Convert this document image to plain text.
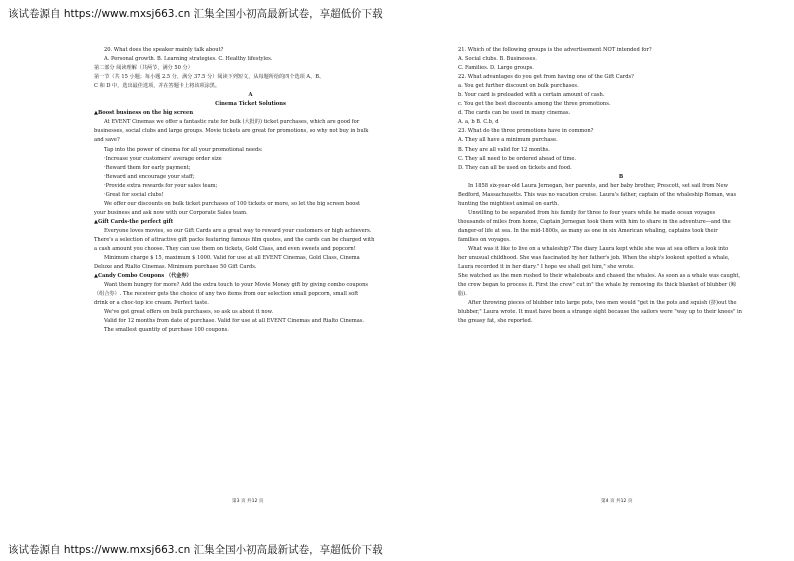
该试卷源自 https://www.mxsj663.cn 汇集全国小初高最新试卷，享超低价下载
20. What does the speaker mainly talk about?
A. Personal growth. B. Learning strategies. C. Healthy lifestyles.
第二部分 阅读理解（共两节，满分 50 分）
第一节（共 15 小题；每小题 2.5 分，满分 37.5 分）阅读下列短文，从每题所给的四个选项 A、B、
C 和 D 中，选出最佳选项，并在答题卡上将该项涂黑。
A
Cinema Ticket Solutions
▲Boost business on the big screen
At EVENT Cinemas we offer a fantastic rate for bulk (大批的) ticket purchases, which are good for
businesses, social clubs and large groups. Movie tickets are great for promotions, so why not buy in bulk
and save?
Tap into the power of cinema for all your promotional needs:
·Increase your customers' average order size
·Reward them for early payment;
·Reward and encourage your staff;
·Provide extra rewards for your sales team;
·Great for social clubs!
We offer our discounts on bulk ticket purchases of 100 tickets or more, so let the big screen boost
your business and ask now with our Corporate Sales team.
▲Gift Cards-the perfect gift
Everyone loves movies, so our Gift Cards are a great way to reward your customers or high achievers.
There's a selection of attractive gift packs featuring famous film quotes, and the cards can be charged with
a cash amount you choose. They can use them on tickets, Gold Class, and even sweets and popcorn!
Minimum charge $ 15, maximum $ 1000. Valid for use at all EVENT Cinemas, Gold Class, Cinema
Deluxe and Rialto Cinemas. Minimum purchase 50 Gift Cards.
▲Candy Combo Coupons （代金券）
Want them hungry for more? Add the extra touch to your Movie Money gift by giving combo coupons
（组合券）. The receiver gets the choice of any two items from our selection small popcorn, small soft
drink or a choc-top ice cream. Perfect taste.
We've got great offers on bulk purchases, so ask us about it now.
Valid for 12 months from date of purchase. Valid for use at all EVENT Cinemas and Rialto Cinemas.
The smallest quantity of purchase 100 coupons.
第3 页 共12 页
21. Which of the following groups is the advertisement NOT intended for?
A. Social clubs. B. Businesses.
C. Families. D. Large groups.
22. What advantages do you get from having one of the Gift Cards?
a. You get further discount on bulk purchases.
b. Your card is preloaded with a certain amount of cash.
c. You get the best discounts among the three promotions.
d. The cards can be used in many cinemas.
A. a, b B. C.b, d
23. What do the three promotions have in common?
A. They all have a minimum purchase.
B. They are all valid for 12 months.
C. They all need to be ordered ahead of time.
D. They can all be used on tickets and food.
B
In 1858 six-year-old Laura Jernegan, her parents, and her baby brother, Prescott, set sail from New
Bedford, Massachusetts. This was no vacation cruise. Laura's father, captain of the whaleship Roman, was
hunting the mightiest animal on earth.
Unwilling to be separated from his family for three to four years while he made ocean voyages
thousands of miles from home, Captain Jernegan took them with him to share in the adventure—and the
danger-of life at sea. In the mid-1800s, as many as one in six American whaling, captains took their
families on voyages.
What was it like to live on a whaleship? The diary Laura kept while she was at sea offers a look into
her unusual childhood. She was fascinated by her father's job. When the ship's lookout spotted a whale,
Laura recorded it in her diary." I hope we shall get him," she wrote.
She watched as the men rushed to their whaleboats and chased the whales. As soon as a whale was caught,
the crew began to process it. First the crew" cut in" the whale by removing its thick blanket of blubber (鲸
脂).
After throwing pieces of blubber into large pots, two men would "get in the pots and squish (挤)out the
blubber," Laura wrote. It must have been a strange sight because the sailors were "way up to their knees" in
the greasy fat, she reported.
第4 页 共12 页
该试卷源自 https://www.mxsj663.cn 汇集全国小初高最新试卷，享超低价下载
